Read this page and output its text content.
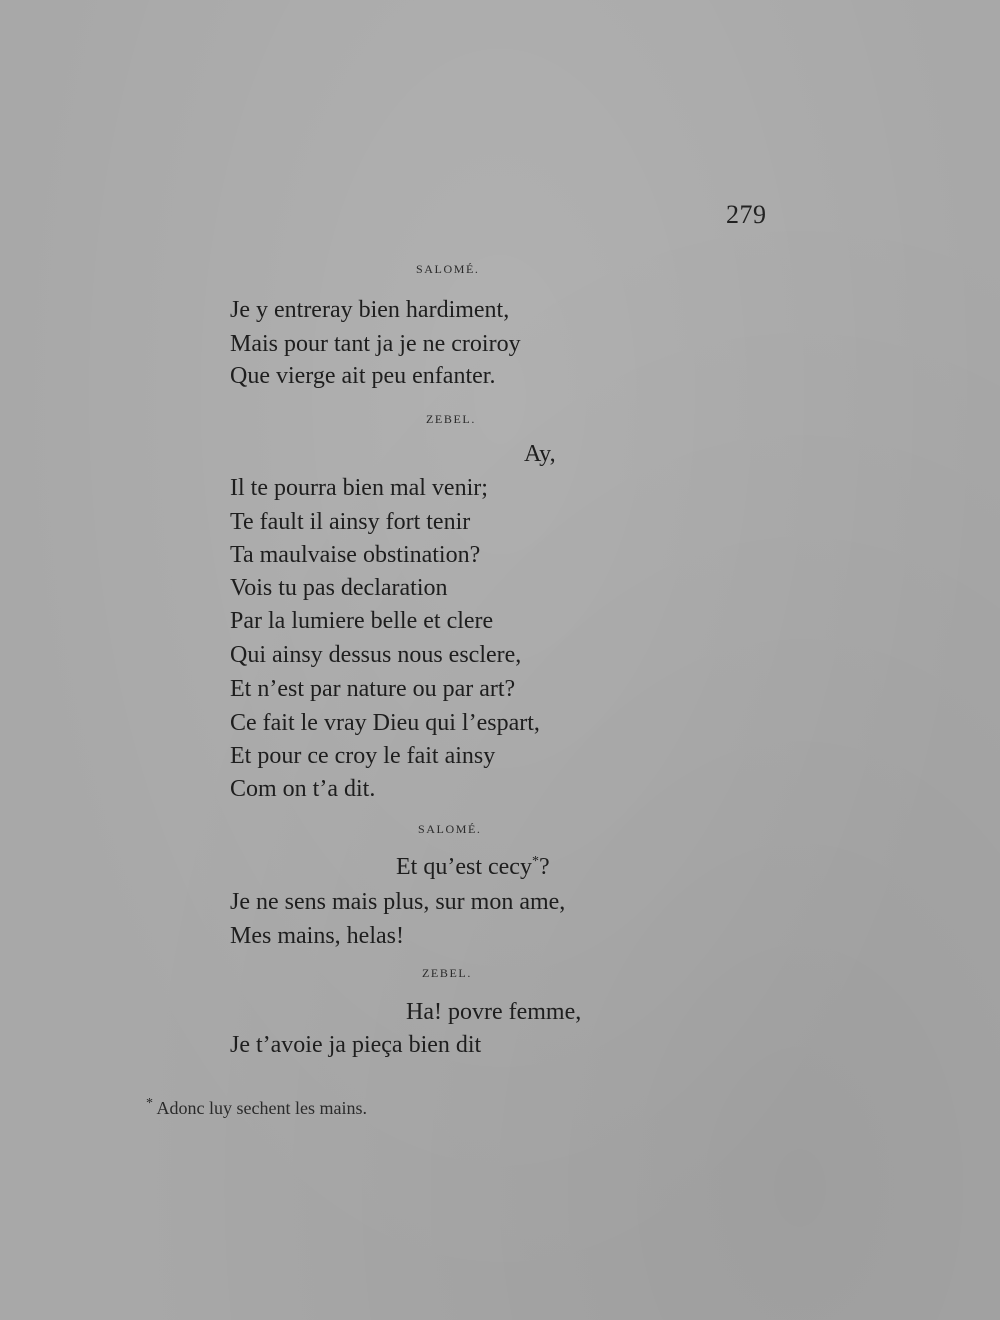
279
SALOMÉ.
Je y entreray bien hardiment,
Mais pour tant ja je ne croiroy
Que vierge ait peu enfanter.
ZEBEL.
Ay,
Il te pourra bien mal venir;
Te fault il ainsy fort tenir
Ta maulvaise obstination?
Vois tu pas declaration
Par la lumiere belle et clere
Qui ainsy dessus nous esclere,
Et n’est par nature ou par art?
Ce fait le vray Dieu qui l’espart,
Et pour ce croy le fait ainsy
Com on t’a dit.
SALOMÉ.
Et qu’est cecy*?
Je ne sens mais plus, sur mon ame,
Mes mains, helas!
ZEBEL.
Ha! povre femme,
Je t’avoie ja pieça bien dit
* Adonc luy sechent les mains.
